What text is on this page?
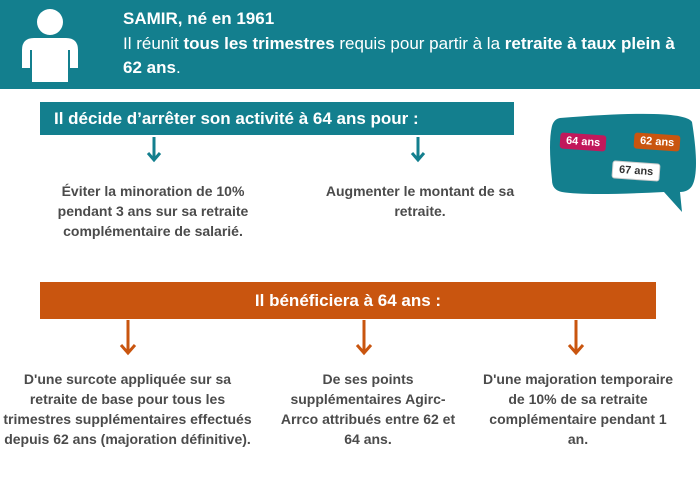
SAMIR, né en 1961
Il réunit tous les trimestres requis pour partir à la retraite à taux plein à 62 ans.
Il décide d’arrêter son activité à 64 ans pour :
Éviter la minoration de 10% pendant 3 ans sur sa retraite complémentaire de salarié.
Augmenter le montant de sa retraite.
64 ans	62 ans
67 ans
Il bénéficiera à 64 ans :
D'une surcote appliquée sur sa retraite de base pour tous les trimestres supplémentaires effectués depuis 62 ans (majoration définitive).
De ses points supplémentaires Agirc-Arrco attribués entre 62 et 64 ans.
D'une majoration temporaire de 10% de sa retraite complémentaire pendant 1 an.
